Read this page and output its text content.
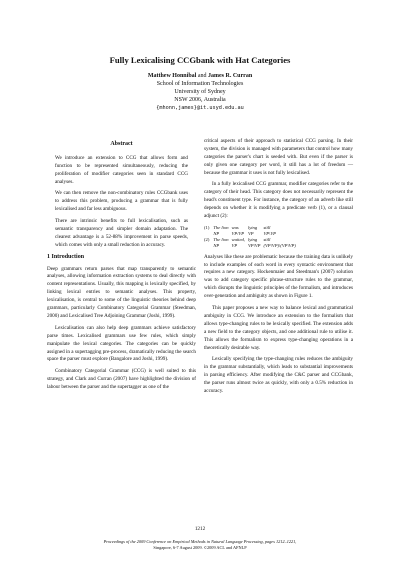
Fully Lexicalising CCGbank with Hat Categories
Matthew Honnibal and James R. Curran
School of Information Technologies
University of Sydney
NSW 2006, Australia
{mhonn,james}@it.usyd.edu.au
Abstract

We introduce an extension to CCG that allows form and function to be represented simultaneously, reducing the proliferation of modifier categories seen in standard CCG analyses.

We can then remove the non-combinatory rules CCGbank uses to address this problem, producing a grammar that is fully lexicalised and far less ambiguous.

There are intrinsic benefits to full lexicalisation, such as semantic transparency and simpler domain adaptation. The clearest advantage is a 52-88% improvement in parse speeds, which comes with only a small reduction in accuracy.

1 Introduction

Deep grammars return parses that map transparently to semantic analyses, allowing information extraction systems to deal directly with content representations. Usually, this mapping is lexically specified, by linking lexical entries to semantic analyses. This property, lexicalisation, is central to some of the linguistic theories behind deep grammars, particularly Combinatory Categorial Grammar (Steedman, 2000) and Lexicalised Tree Adjoining Grammar (Joshi, 1999).

Lexicalisation can also help deep grammars achieve satisfactory parse times. Lexicalised grammars use few rules, which simply manipulate the lexical categories. The categories can be quickly assigned in a supertagging pre-process, dramatically reducing the search space the parser must explore (Bangalore and Joshi, 1999).

Combinatory Categorial Grammar (CCG) is well suited to this strategy, and Clark and Curran (2007) have highlighted the division of labour between the parser and the supertagger as one of the

critical aspects of their approach to statistical CCG parsing. In their system, the division is managed with parameters that control how many categories the parser's chart is seeded with. But even if the parser is only given one category per word, it still has a lot of freedom — because the grammar it uses is not fully lexicalised.

In a fully lexicalised CCG grammar, modifier categories refer to the category of their head. This category does not necessarily represent the head's constituent type. For instance, the category of an adverb like still depends on whether it is modifying a predicate verb (1), or a clausal adjunct (2):

(1)	The lion	was	lying	still
	NP	VP/VP	VP	VP\VP
(2)	The lion	waited,	lying	still
	NP	VP	VP\VP	(VP\VP)\(VP\VP)

Analyses like these are problematic because the training data is unlikely to include examples of each word in every syntactic environment that requires a new category. Hockenmaier and Steedman's (2007) solution was to add category specific phrase-structure rules to the grammar, which disrupts the linguistic principles of the formalism, and introduces over-generation and ambiguity as shown in Figure 1.

This paper proposes a new way to balance lexical and grammatical ambiguity in CCG. We introduce an extension to the formalism that allows type-changing rules to be lexically specified. The extension adds a new field to the category objects, and one additional rule to utilise it. This allows the formalism to express type-changing operations in a theoretically desirable way.

Lexically specifying the type-changing rules reduces the ambiguity in the grammar substantially, which leads to substantial improvements in parsing efficiency. After modifying the C&C parser and CCGbank, the parser runs almost twice as quickly, with only a 0.5% reduction in accuracy.

1212
Proceedings of the 2009 Conference on Empirical Methods in Natural Language Processing, pages 1212–1221,
Singapore, 6-7 August 2009. ©2009 ACL and AFNLP
